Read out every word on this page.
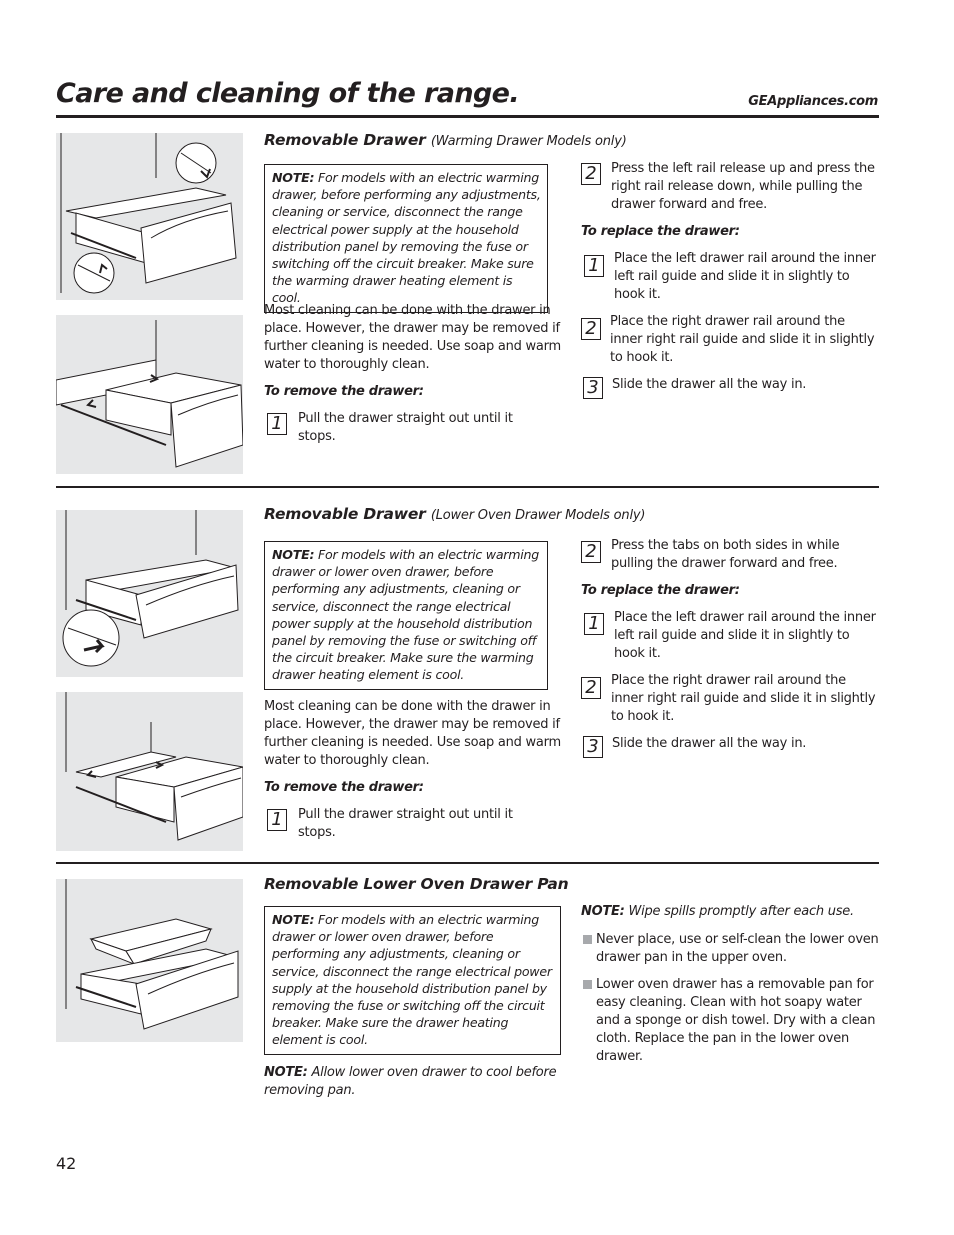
Care and cleaning of the range.	GEAppliances.com
Removable Drawer (Warming Drawer Models only)
NOTE: For models with an electric warming drawer, before performing any adjustments, cleaning or service, disconnect the range electrical power supply at the household distribution panel by removing the fuse or switching off the circuit breaker. Make sure the warming drawer heating element is cool.
Most cleaning can be done with the drawer in place. However, the drawer may be removed if further cleaning is needed. Use soap and warm water to thoroughly clean.
To remove the drawer:
1	Pull the drawer straight out until it stops.
2	Press the left rail release up and press the right rail release down, while pulling the drawer forward and free.
To replace the drawer:
1	Place the left drawer rail around the inner left rail guide and slide it in slightly to hook it.
2	Place the right drawer rail around the inner right rail guide and slide it in slightly to hook it.
3	Slide the drawer all the way in.
Removable Drawer (Lower Oven Drawer Models only)
NOTE: For models with an electric warming drawer or lower oven drawer, before performing any adjustments, cleaning or service, disconnect the range electrical power supply at the household distribution panel by removing the fuse or switching off the circuit breaker. Make sure the warming drawer heating element is cool.
Most cleaning can be done with the drawer in place. However, the drawer may be removed if further cleaning is needed. Use soap and warm water to thoroughly clean.
To remove the drawer:
1	Pull the drawer straight out until it stops.
2	Press the tabs on both sides in while pulling the drawer forward and free.
To replace the drawer:
1	Place the left drawer rail around the inner left rail guide and slide it in slightly to hook it.
2	Place the right drawer rail around the inner right rail guide and slide it in slightly to hook it.
3	Slide the drawer all the way in.
Removable Lower Oven Drawer Pan
NOTE: For models with an electric warming drawer or lower oven drawer, before performing any adjustments, cleaning or service, disconnect the range electrical power supply at the household distribution panel by removing the fuse or switching off the circuit breaker. Make sure the drawer heating element is cool.
NOTE: Allow lower oven drawer to cool before removing pan.
NOTE: Wipe spills promptly after each use.
Never place, use or self-clean the lower oven drawer pan in the upper oven.
Lower oven drawer has a removable pan for easy cleaning. Clean with hot soapy water and a sponge or dish towel. Dry with a clean cloth. Replace the pan in the lower oven drawer.
42
